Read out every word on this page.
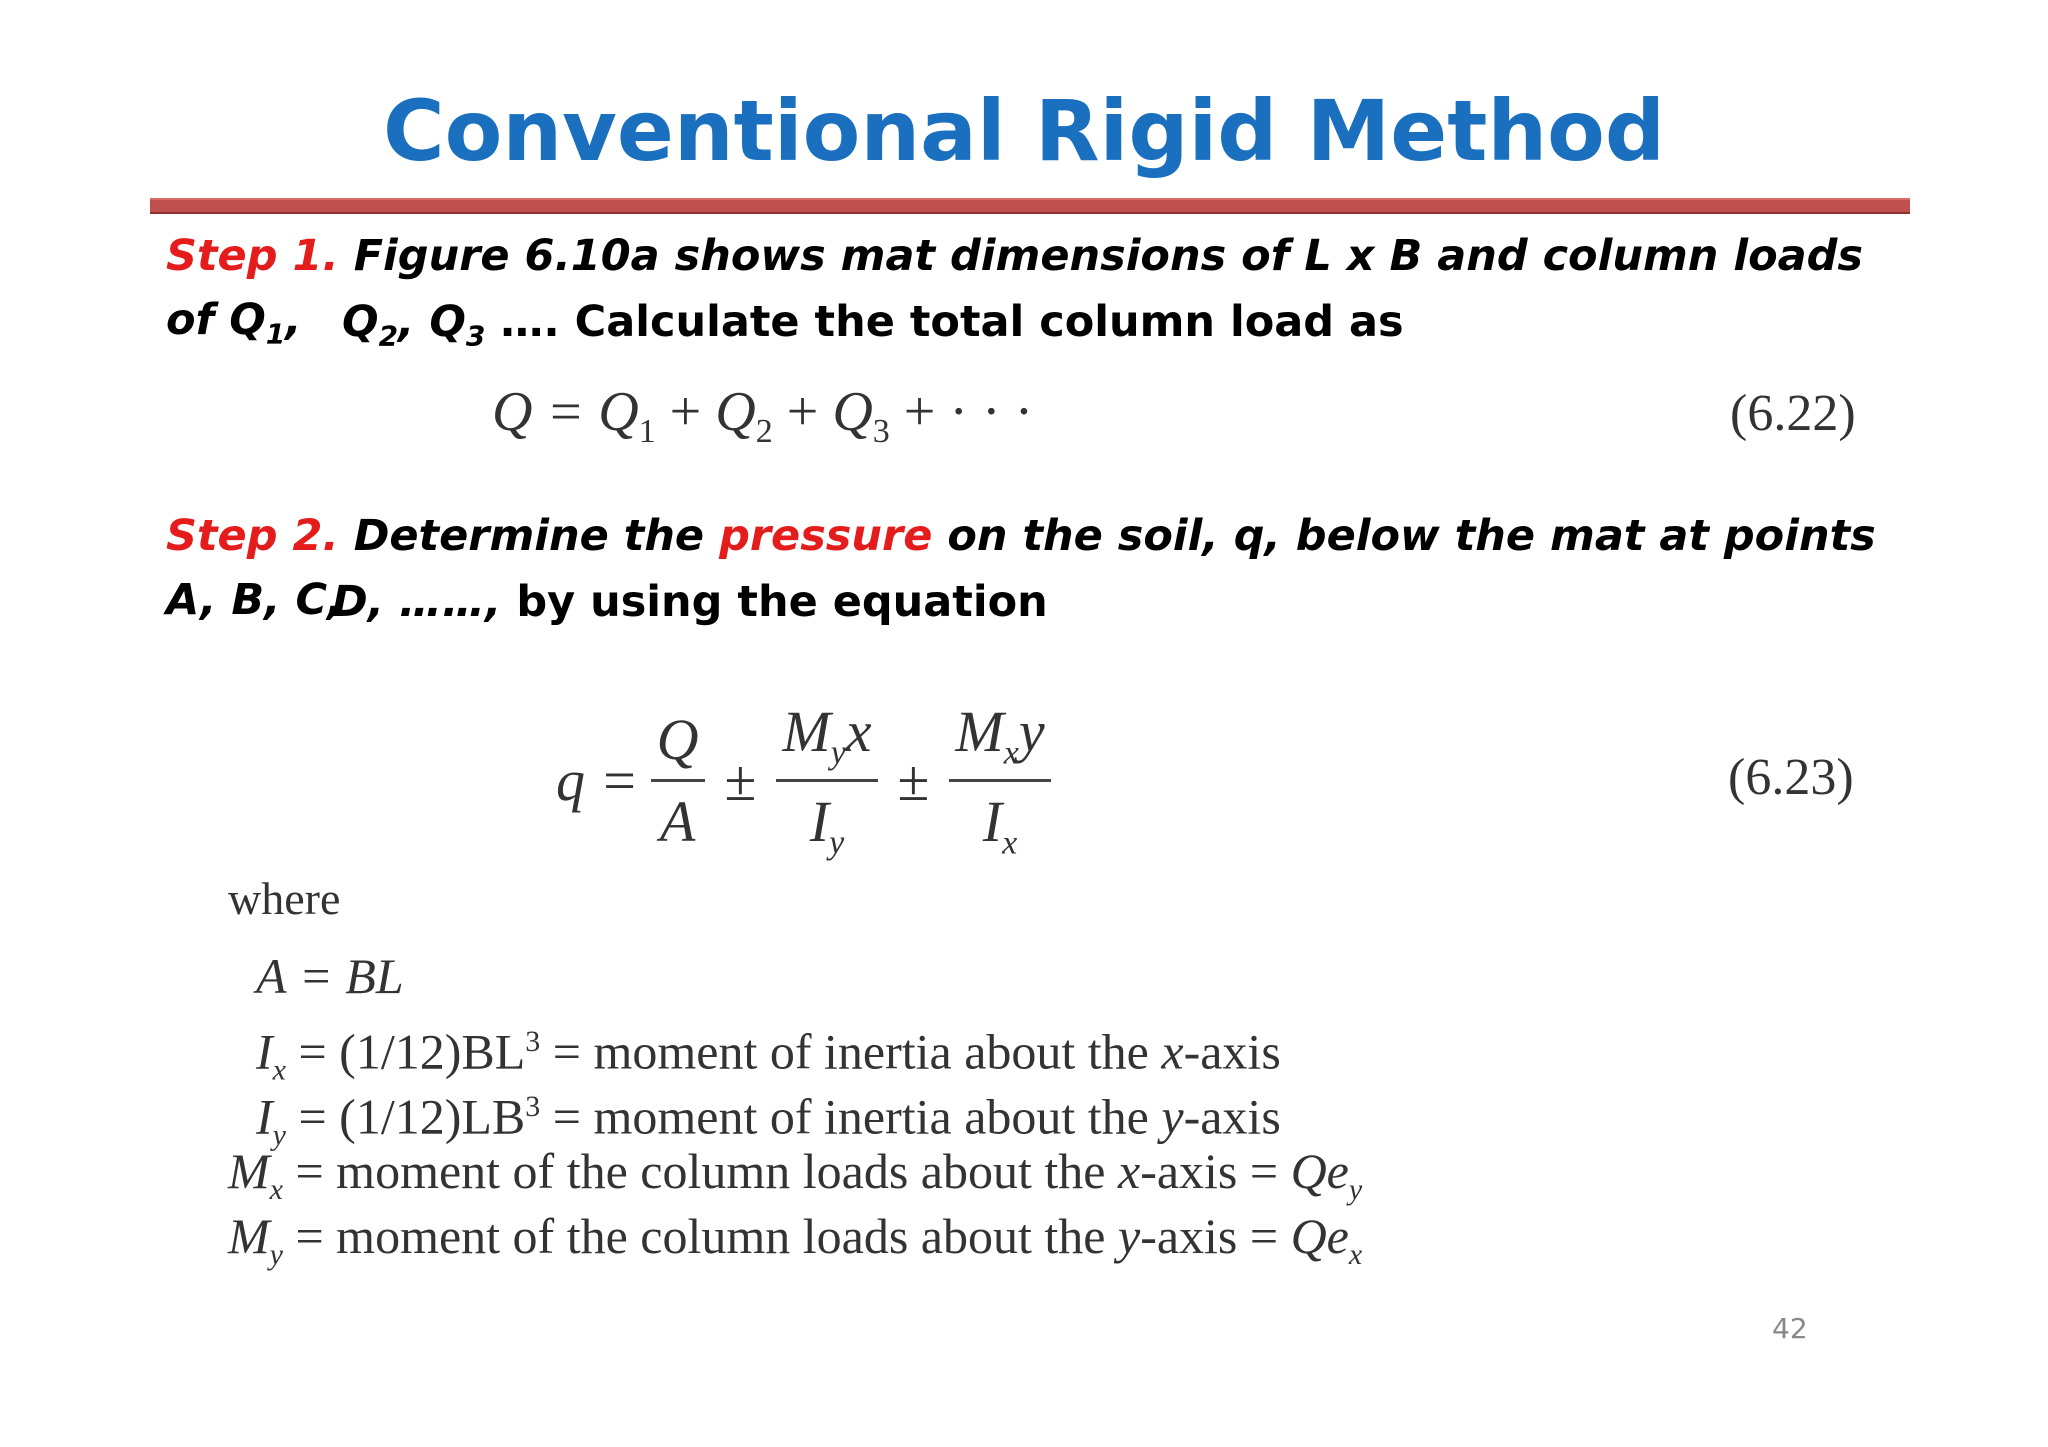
Conventional Rigid Method
Step 1. Figure 6.10a shows mat dimensions of L x B and column loads of $Q_1$, $Q_2$, $Q_3$ …. Calculate the total column load as
$Q = Q_1 + Q_2 + Q_3$ + · · ·	(6.22)
Step 2. Determine the pressure on the soil, q, below the mat at points A, B, C,
D, ……, by using the equation
$q = \frac{Q}{A} \pm \frac{M_yx}{I_y} \pm \frac{M_xy}{I_x}$	(6.23)
where
A = BL
$I_x = (1/12)BL^3$ = moment of inertia about the x-axis
$I_y = (1/12)LB^3$ = moment of inertia about the y-axis
$M_x$ = moment of the column loads about the x-axis = $Qe_y$
$M_y$ = moment of the column loads about the y-axis = $Qe_x$
42
